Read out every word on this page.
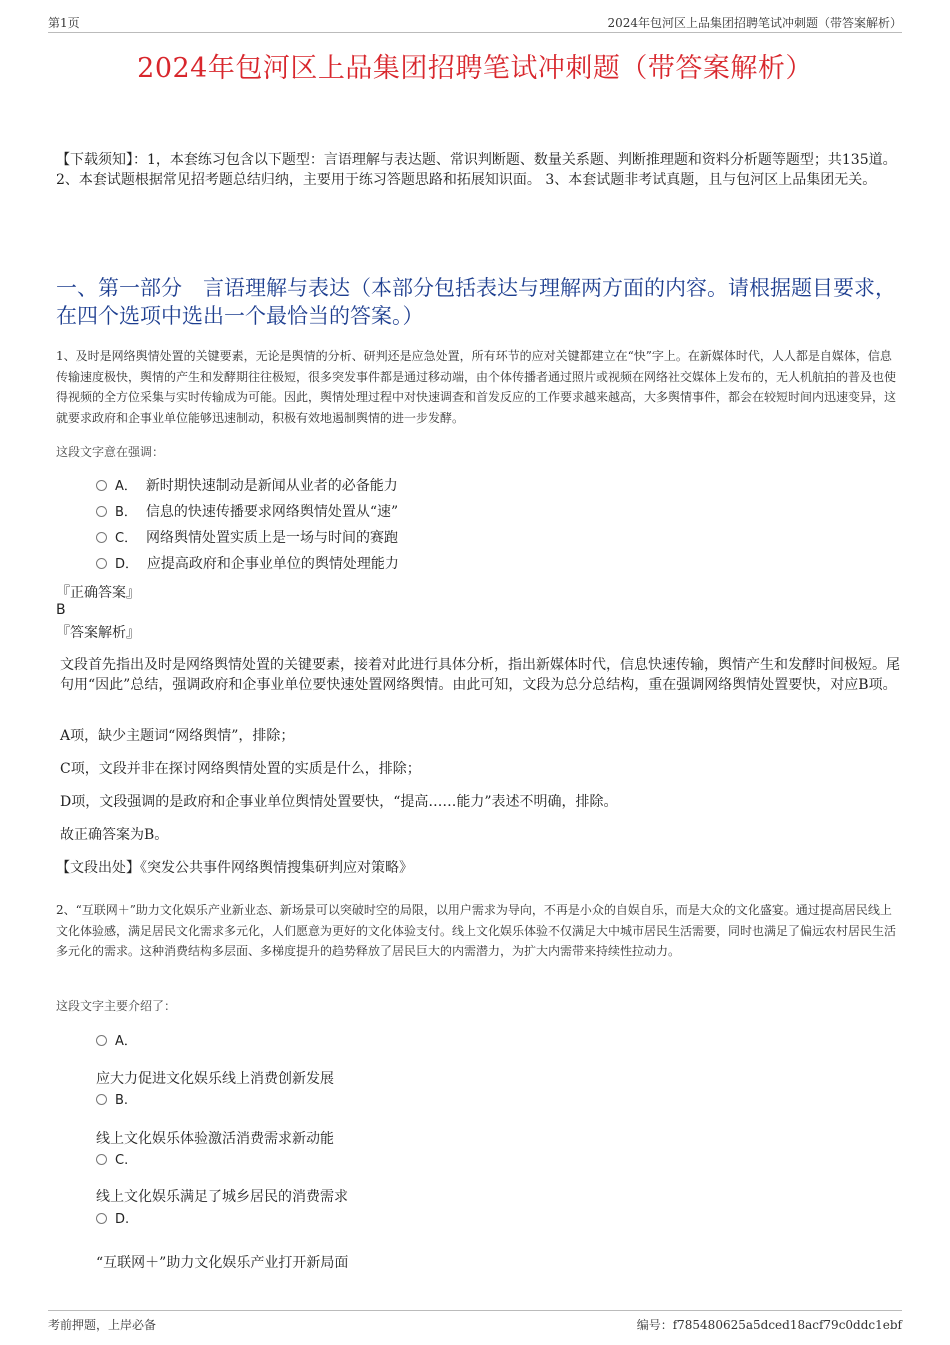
第1页	2024年包河区上品集团招聘笔试冲刺题（带答案解析）
2024年包河区上品集团招聘笔试冲刺题（带答案解析）
【下载须知】：1，本套练习包含以下题型：言语理解与表达题、常识判断题、数量关系题、判断推理题和资料分析题等题型；共135道。 2、本套试题根据常见招考题总结归纳，主要用于练习答题思路和拓展知识面。 3、本套试题非考试真题，且与包河区上品集团无关。
一、第一部分　言语理解与表达（本部分包括表达与理解两方面的内容。请根据题目要求，在四个选项中选出一个最恰当的答案。）
1、及时是网络舆情处置的关键要素，无论是舆情的分析、研判还是应急处置，所有环节的应对关键都建立在“快”字上。在新媒体时代，人人都是自媒体，信息传输速度极快，舆情的产生和发酵期往往极短，很多突发事件都是通过移动端，由个体传播者通过照片或视频在网络社交媒体上发布的，无人机航拍的普及也使得视频的全方位采集与实时传输成为可能。因此，舆情处理过程中对快速调查和首发反应的工作要求越来越高，大多舆情事件，都会在较短时间内迅速变异，这就要求政府和企事业单位能够迅速制动，积极有效地遏制舆情的进一步发酵。
这段文字意在强调：
A． 新时期快速制动是新闻从业者的必备能力
B． 信息的快速传播要求网络舆情处置从“速”
C． 网络舆情处置实质上是一场与时间的赛跑
D． 应提高政府和企事业单位的舆情处理能力
『正确答案』
B
『答案解析』
文段首先指出及时是网络舆情处置的关键要素，接着对此进行具体分析，指出新媒体时代，信息快速传输，舆情产生和发酵时间极短。尾句用“因此”总结，强调政府和企事业单位要快速处置网络舆情。由此可知，文段为总分总结构，重在强调网络舆情处置要快，对应B项。
A项，缺少主题词“网络舆情”，排除；
C项，文段并非在探讨网络舆情处置的实质是什么，排除；
D项，文段强调的是政府和企事业单位舆情处置要快，“提高……能力”表述不明确，排除。
故正确答案为B。
【文段出处】《突发公共事件网络舆情搜集研判应对策略》
2、“互联网＋”助力文化娱乐产业新业态、新场景可以突破时空的局限，以用户需求为导向，不再是小众的自娱自乐，而是大众的文化盛宴。通过提高居民线上文化体验感，满足居民文化需求多元化，人们愿意为更好的文化体验支付。线上文化娱乐体验不仅满足大中城市居民生活需要，同时也满足了偏远农村居民生活多元化的需求。这种消费结构多层面、多梯度提升的趋势释放了居民巨大的内需潜力，为扩大内需带来持续性拉动力。
这段文字主要介绍了：
A．
应大力促进文化娱乐线上消费创新发展
B.
线上文化娱乐体验激活消费需求新动能
C.
线上文化娱乐满足了城乡居民的消费需求
D.
“互联网＋”助力文化娱乐产业打开新局面
考前押题，上岸必备	编号：f785480625a5dced18acf79c0ddc1ebf
